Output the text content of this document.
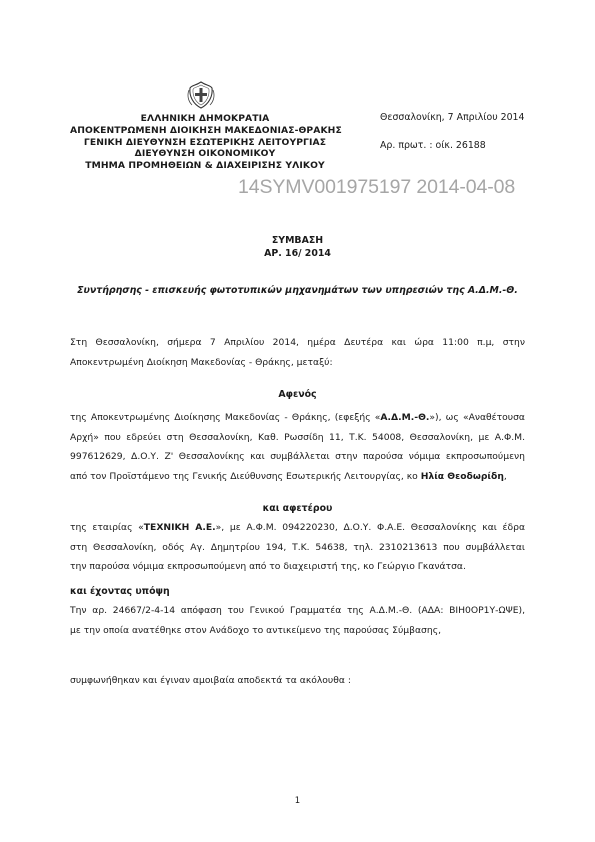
ΕΛΛΗΝΙΚΗ ΔΗΜΟΚΡΑΤΙΑ
ΑΠΟΚΕΝΤΡΩΜΕΝΗ ΔΙΟΙΚΗΣΗ ΜΑΚΕΔΟΝΙΑΣ-ΘΡΑΚΗΣ
ΓΕΝΙΚΗ ΔΙΕΥΘΥΝΣΗ ΕΣΩΤΕΡΙΚΗΣ ΛΕΙΤΟΥΡΓΙΑΣ
ΔΙΕΥΘΥΝΣΗ ΟΙΚΟΝΟΜΙΚΟΥ
ΤΜΗΜΑ ΠΡΟΜΗΘΕΙΩΝ & ΔΙΑΧΕΙΡΙΣΗΣ ΥΛΙΚΟΥ
Θεσσαλονίκη, 7 Απριλίου 2014
Αρ. πρωτ. : οίκ. 26188
14SYMV001975197 2014-04-08
ΣΥΜΒΑΣΗ
ΑΡ. 16/ 2014
Συντήρησης - επισκευής φωτοτυπικών μηχανημάτων των υπηρεσιών της Α.Δ.Μ.-Θ.
Στη Θεσσαλονίκη, σήμερα 7 Απριλίου 2014, ημέρα Δευτέρα και ώρα 11:00 π.μ, στην
Αποκεντρωμένη Διοίκηση Μακεδονίας - Θράκης, μεταξύ:
Αφενός
της Αποκεντρωμένης Διοίκησης Μακεδονίας - Θράκης, (εφεξής «Α.Δ.Μ.-Θ.»), ως «Αναθέτουσα
Αρχή» που εδρεύει στη Θεσσαλονίκη, Καθ. Ρωσσίδη 11, Τ.Κ. 54008, Θεσσαλονίκη, με Α.Φ.Μ.
997612629, Δ.Ο.Υ. Ζ' Θεσσαλονίκης και συμβάλλεται στην παρούσα νόμιμα εκπροσωπούμενη
από τον Προϊστάμενο της Γενικής Διεύθυνσης Εσωτερικής Λειτουργίας, κο Ηλία Θεοδωρίδη,
και αφετέρου
της εταιρίας «ΤΕΧΝΙΚΗ Α.Ε.», με Α.Φ.Μ. 094220230, Δ.Ο.Υ. Φ.Α.Ε. Θεσσαλονίκης και έδρα
στη Θεσσαλονίκη, οδός Αγ. Δημητρίου 194, Τ.Κ. 54638, τηλ. 2310213613 που συμβάλλεται
την παρούσα νόμιμα εκπροσωπούμενη από το διαχειριστή της, κο Γεώργιο Γκανάτσα.
και έχοντας υπόψη
Την αρ. 24667/2-4-14 απόφαση του Γενικού Γραμματέα της Α.Δ.Μ.-Θ. (ΑΔΑ: ΒΙΗ0ΟΡ1Υ-ΩΨΕ),
με την οποία ανατέθηκε στον Ανάδοχο το αντικείμενο της παρούσας Σύμβασης,
συμφωνήθηκαν και έγιναν αμοιβαία αποδεκτά τα ακόλουθα :
1
